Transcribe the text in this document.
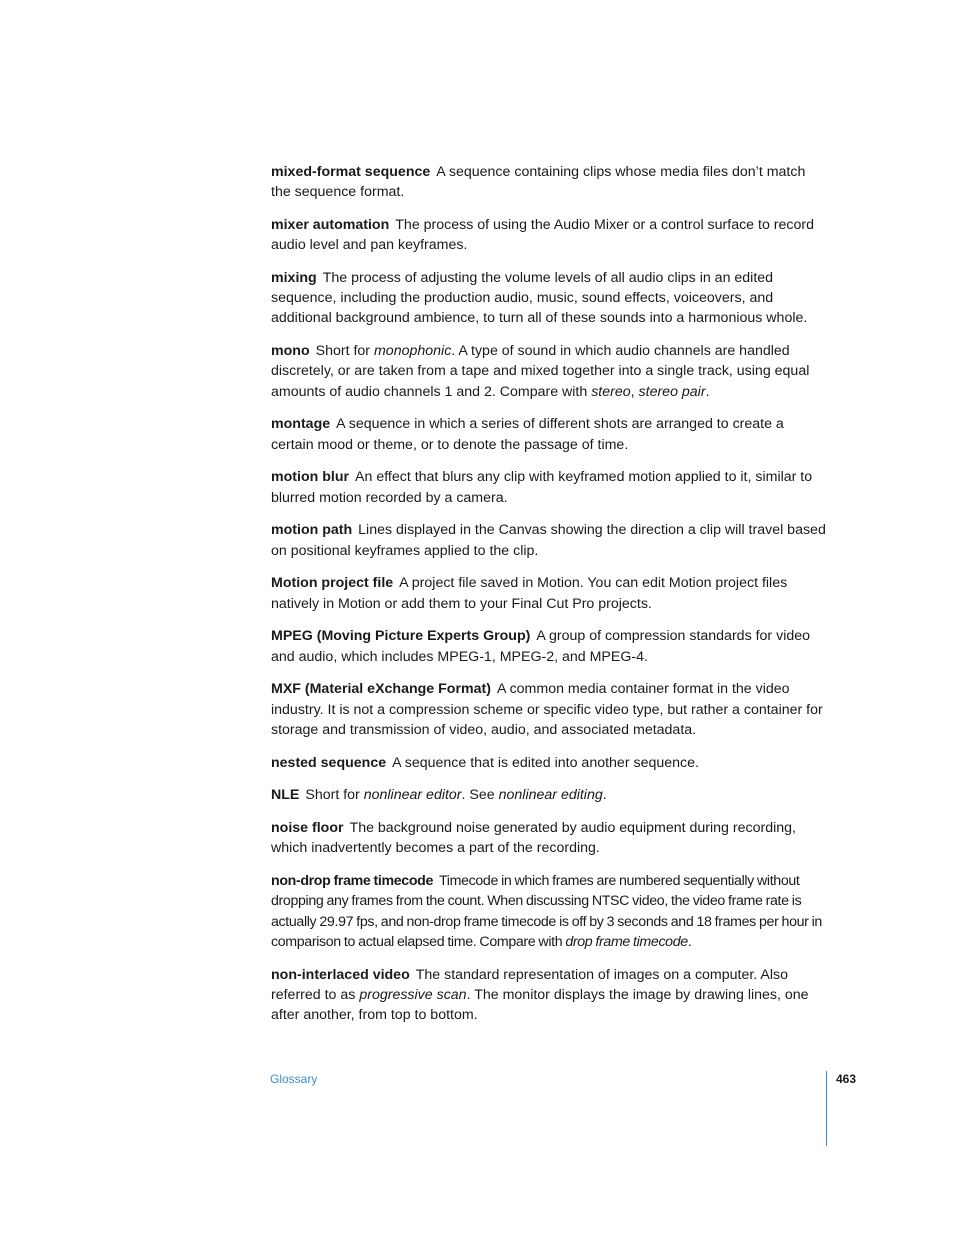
mixed-format sequence A sequence containing clips whose media files don’t match the sequence format.

mixer automation The process of using the Audio Mixer or a control surface to record audio level and pan keyframes.

mixing The process of adjusting the volume levels of all audio clips in an edited sequence, including the production audio, music, sound effects, voiceovers, and additional background ambience, to turn all of these sounds into a harmonious whole.

mono Short for monophonic. A type of sound in which audio channels are handled discretely, or are taken from a tape and mixed together into a single track, using equal amounts of audio channels 1 and 2. Compare with stereo, stereo pair.

montage A sequence in which a series of different shots are arranged to create a certain mood or theme, or to denote the passage of time.

motion blur An effect that blurs any clip with keyframed motion applied to it, similar to blurred motion recorded by a camera.

motion path Lines displayed in the Canvas showing the direction a clip will travel based on positional keyframes applied to the clip.

Motion project file A project file saved in Motion. You can edit Motion project files natively in Motion or add them to your Final Cut Pro projects.

MPEG (Moving Picture Experts Group) A group of compression standards for video and audio, which includes MPEG-1, MPEG-2, and MPEG-4.

MXF (Material eXchange Format) A common media container format in the video industry. It is not a compression scheme or specific video type, but rather a container for storage and transmission of video, audio, and associated metadata.

nested sequence A sequence that is edited into another sequence.

NLE Short for nonlinear editor. See nonlinear editing.

noise floor The background noise generated by audio equipment during recording, which inadvertently becomes a part of the recording.

non-drop frame timecode Timecode in which frames are numbered sequentially without dropping any frames from the count. When discussing NTSC video, the video frame rate is actually 29.97 fps, and non-drop frame timecode is off by 3 seconds and 18 frames per hour in comparison to actual elapsed time. Compare with drop frame timecode.

non-interlaced video The standard representation of images on a computer. Also referred to as progressive scan. The monitor displays the image by drawing lines, one after another, from top to bottom.

Glossary	463
